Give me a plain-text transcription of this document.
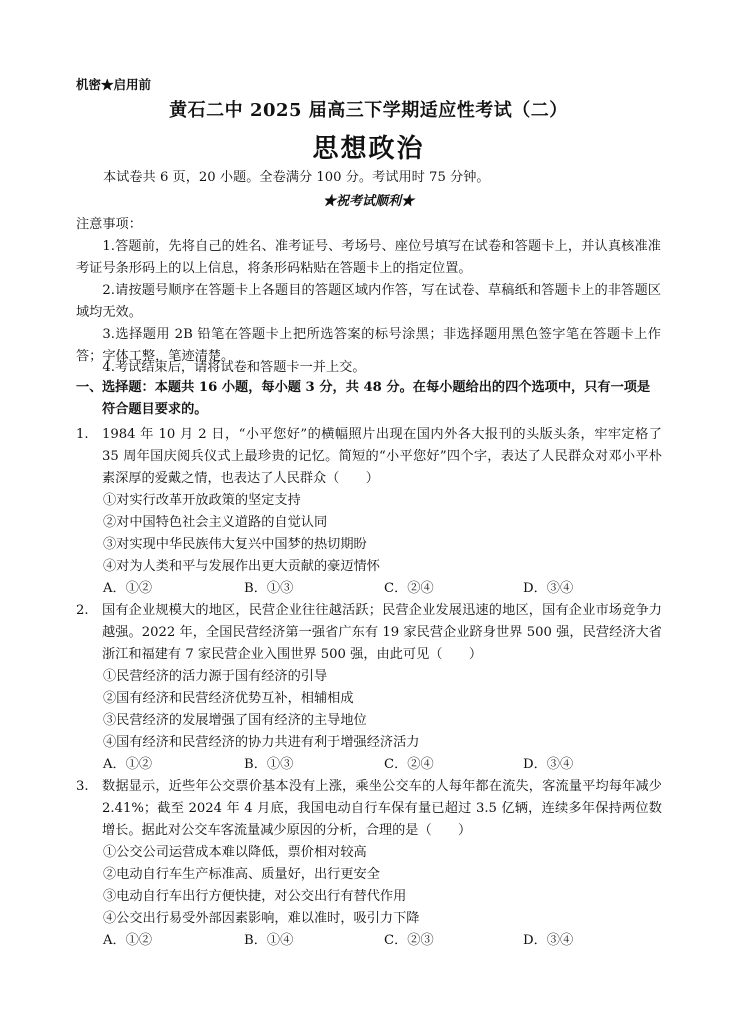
机密★启用前
黄石二中 2025 届高三下学期适应性考试（二）
思想政治
本试卷共 6 页，20 小题。全卷满分 100 分。考试用时 75 分钟。
★祝考试顺利★
注意事项：
1.答题前，先将自己的姓名、准考证号、考场号、座位号填写在试卷和答题卡上，并认真核准准考证号条形码上的以上信息，将条形码粘贴在答题卡上的指定位置。
2.请按题号顺序在答题卡上各题目的答题区域内作答，写在试卷、草稿纸和答题卡上的非答题区域均无效。
3.选择题用 2B 铅笔在答题卡上把所选答案的标号涂黑；非选择题用黑色签字笔在答题卡上作答；字体工整，笔迹清楚。
4.考试结束后，请将试卷和答题卡一并上交。
一、 选择题：本题共 16 小题，每小题 3 分，共 48 分。在每小题给出的四个选项中，只有一项是符合题目要求的。
1. 1984 年 10 月 2 日，“小平您好”的横幅照片出现在国内外各大报刊的头版头条，牢牢定格了 35 周年国庆阅兵仪式上最珍贵的记忆。简短的“小平您好”四个字，表达了人民群众对邓小平朴素深厚的爱戴之情，也表达了人民群众（　　）
①对实行改革开放政策的坚定支持
②对中国特色社会主义道路的自觉认同
③对实现中华民族伟大复兴中国梦的热切期盼
④对为人类和平与发展作出更大贡献的豪迈情怀
A．①②	B．①③	C．②④	D．③④
2. 国有企业规模大的地区，民营企业往往越活跃；民营企业发展迅速的地区，国有企业市场竞争力越强。2022 年，全国民营经济第一强省广东有 19 家民营企业跻身世界 500 强，民营经济大省浙江和福建有 7 家民营企业入围世界 500 强，由此可见（　　）
①民营经济的活力源于国有经济的引导
②国有经济和民营经济优势互补，相辅相成
③民营经济的发展增强了国有经济的主导地位
④国有经济和民营经济的协力共进有利于增强经济活力
A．①②	B．①③	C．②④	D．③④
3. 数据显示，近些年公交票价基本没有上涨，乘坐公交车的人每年都在流失，客流量平均每年减少 2.41%；截至 2024 年 4 月底，我国电动自行车保有量已超过 3.5 亿辆，连续多年保持两位数增长。据此对公交车客流量减少原因的分析，合理的是（　　）
①公交公司运营成本难以降低，票价相对较高
②电动自行车生产标准高、质量好，出行更安全
③电动自行车出行方便快捷，对公交出行有替代作用
④公交出行易受外部因素影响，难以准时，吸引力下降
A．①②	B．①④	C．②③	D．③④
